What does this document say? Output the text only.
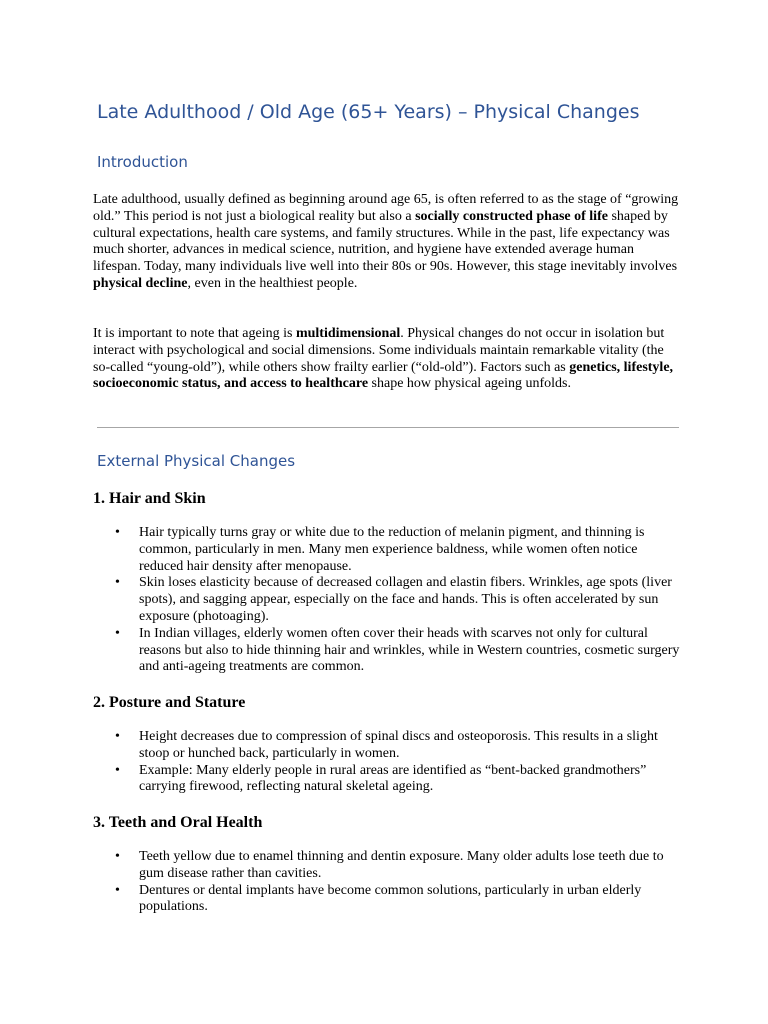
Late Adulthood / Old Age (65+ Years) – Physical Changes
Introduction

Late adulthood, usually defined as beginning around age 65, is often referred to as the stage of “growing old.” This period is not just a biological reality but also a socially constructed phase of life shaped by cultural expectations, health care systems, and family structures. While in the past, life expectancy was much shorter, advances in medical science, nutrition, and hygiene have extended average human lifespan. Today, many individuals live well into their 80s or 90s. However, this stage inevitably involves physical decline, even in the healthiest people.

It is important to note that ageing is multidimensional. Physical changes do not occur in isolation but interact with psychological and social dimensions. Some individuals maintain remarkable vitality (the so-called “young-old”), while others show frailty earlier (“old-old”). Factors such as genetics, lifestyle, socioeconomic status, and access to healthcare shape how physical ageing unfolds.

External Physical Changes
1. Hair and Skin
• Hair typically turns gray or white due to the reduction of melanin pigment, and thinning is common, particularly in men. Many men experience baldness, while women often notice reduced hair density after menopause.
• Skin loses elasticity because of decreased collagen and elastin fibers. Wrinkles, age spots (liver spots), and sagging appear, especially on the face and hands. This is often accelerated by sun exposure (photoaging).
• In Indian villages, elderly women often cover their heads with scarves not only for cultural reasons but also to hide thinning hair and wrinkles, while in Western countries, cosmetic surgery and anti-ageing treatments are common.
2. Posture and Stature
• Height decreases due to compression of spinal discs and osteoporosis. This results in a slight stoop or hunched back, particularly in women.
• Example: Many elderly people in rural areas are identified as “bent-backed grandmothers” carrying firewood, reflecting natural skeletal ageing.
3. Teeth and Oral Health
• Teeth yellow due to enamel thinning and dentin exposure. Many older adults lose teeth due to gum disease rather than cavities.
• Dentures or dental implants have become common solutions, particularly in urban elderly populations.
